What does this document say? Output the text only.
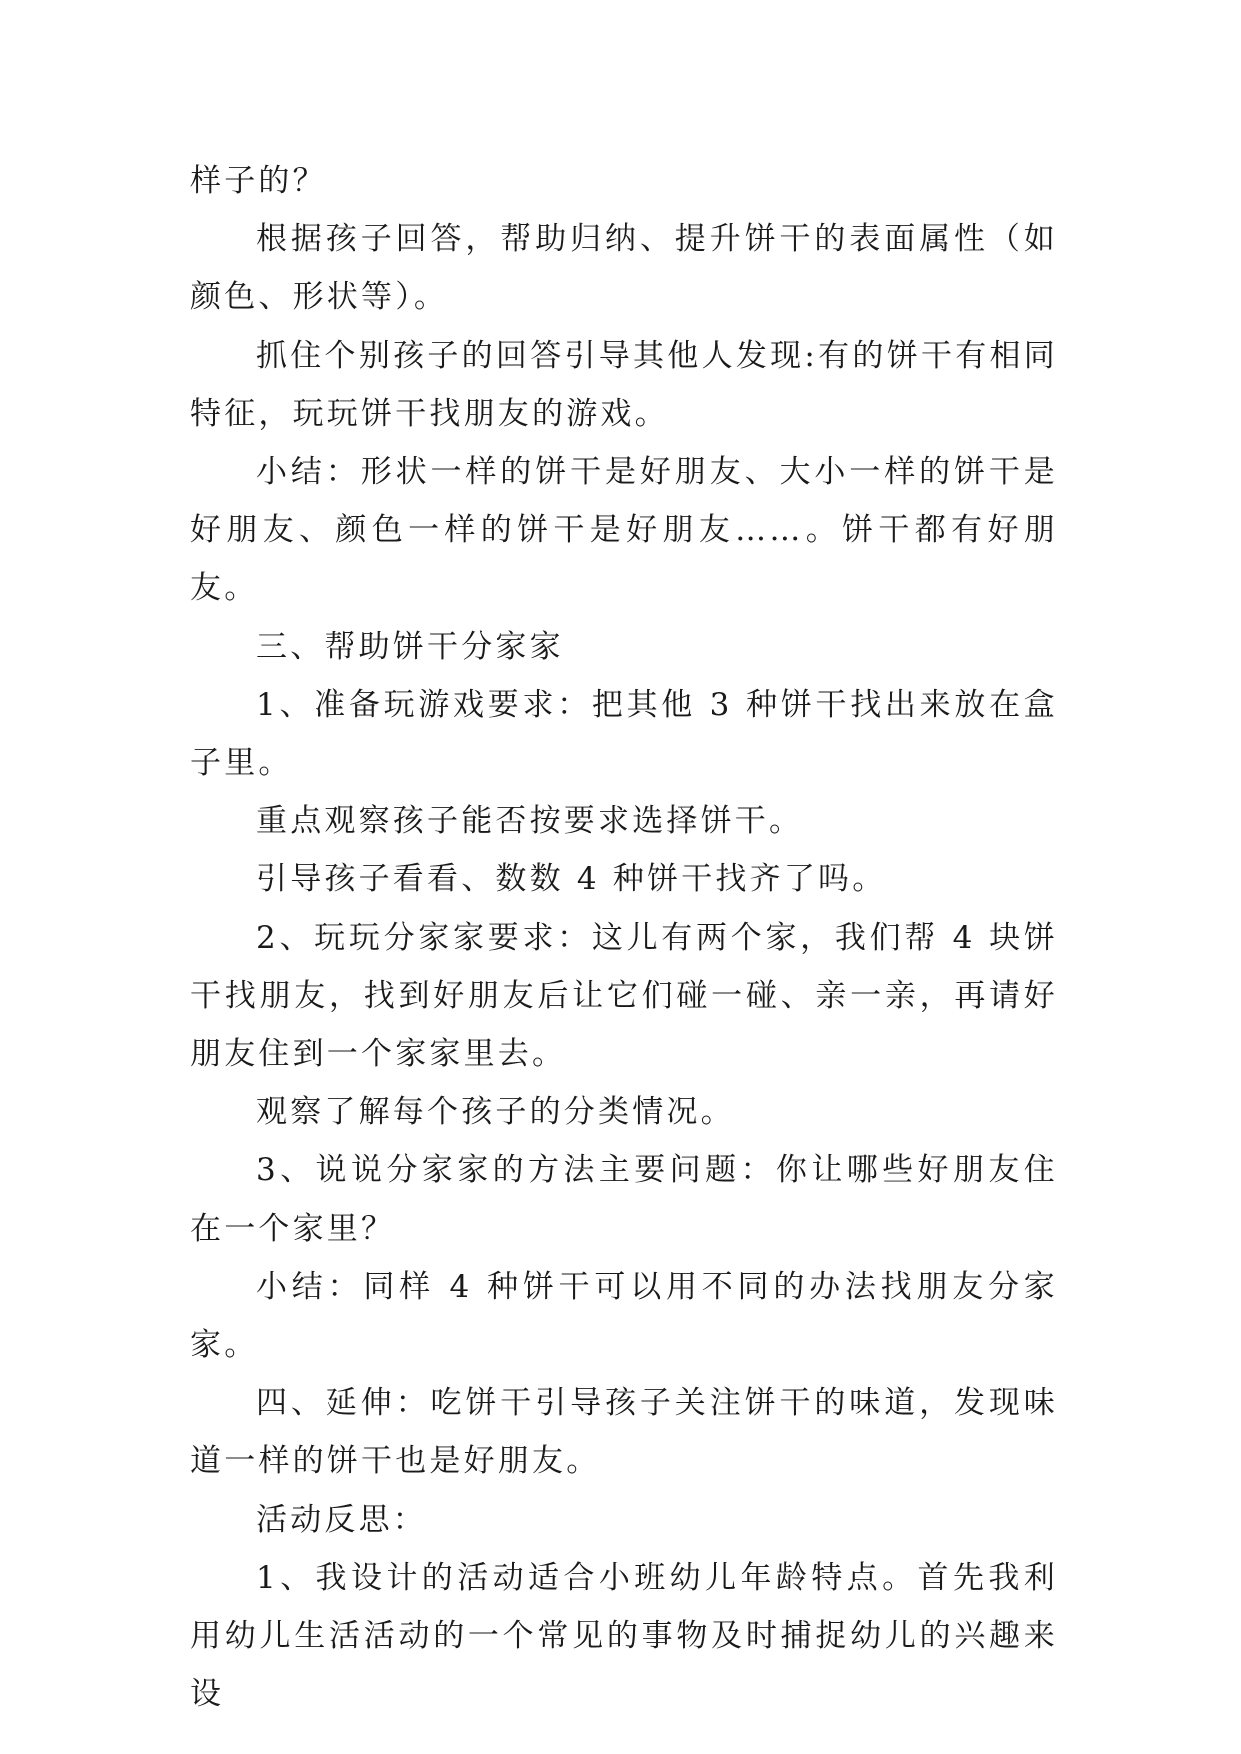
样子的？

根据孩子回答，帮助归纳、提升饼干的表面属性（如颜色、形状等）。

抓住个别孩子的回答引导其他人发现:有的饼干有相同特征，玩玩饼干找朋友的游戏。

小结：形状一样的饼干是好朋友、大小一样的饼干是好朋友、颜色一样的饼干是好朋友……。饼干都有好朋友。

三、帮助饼干分家家

1、准备玩游戏要求：把其他 3 种饼干找出来放在盒子里。

重点观察孩子能否按要求选择饼干。

引导孩子看看、数数 4 种饼干找齐了吗。

2、玩玩分家家要求：这儿有两个家，我们帮 4 块饼干找朋友，找到好朋友后让它们碰一碰、亲一亲，再请好朋友住到一个家家里去。

观察了解每个孩子的分类情况。

3、说说分家家的方法主要问题：你让哪些好朋友住在一个家里？

小结：同样 4 种饼干可以用不同的办法找朋友分家家。

四、延伸：吃饼干引导孩子关注饼干的味道，发现味道一样的饼干也是好朋友。

活动反思：

1、我设计的活动适合小班幼儿年龄特点。首先我利用幼儿生活活动的一个常见的事物及时捕捉幼儿的兴趣来设
